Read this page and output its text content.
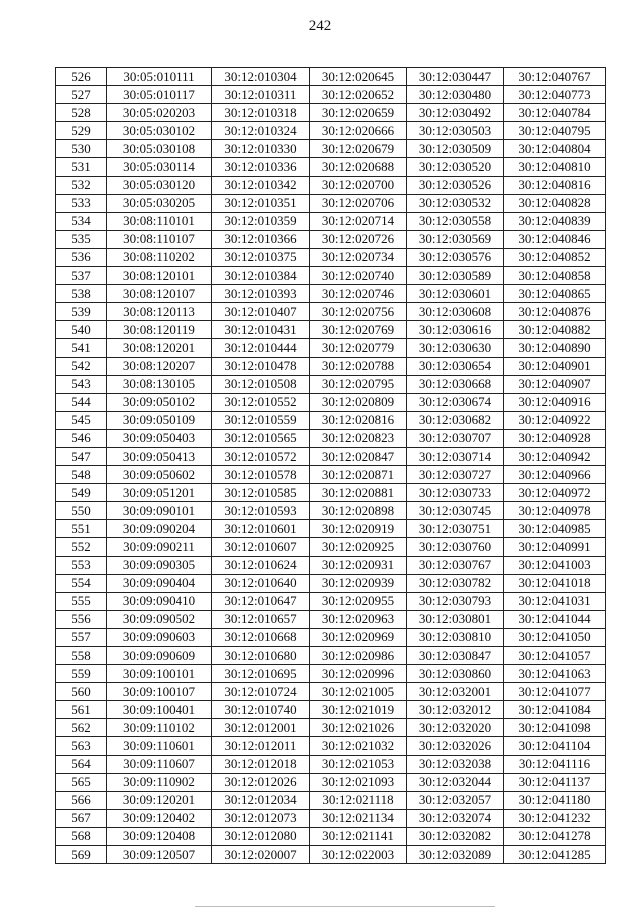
242
526	30:05:010111	30:12:010304	30:12:020645	30:12:030447	30:12:040767
527	30:05:010117	30:12:010311	30:12:020652	30:12:030480	30:12:040773
528	30:05:020203	30:12:010318	30:12:020659	30:12:030492	30:12:040784
529	30:05:030102	30:12:010324	30:12:020666	30:12:030503	30:12:040795
530	30:05:030108	30:12:010330	30:12:020679	30:12:030509	30:12:040804
531	30:05:030114	30:12:010336	30:12:020688	30:12:030520	30:12:040810
532	30:05:030120	30:12:010342	30:12:020700	30:12:030526	30:12:040816
533	30:05:030205	30:12:010351	30:12:020706	30:12:030532	30:12:040828
534	30:08:110101	30:12:010359	30:12:020714	30:12:030558	30:12:040839
535	30:08:110107	30:12:010366	30:12:020726	30:12:030569	30:12:040846
536	30:08:110202	30:12:010375	30:12:020734	30:12:030576	30:12:040852
537	30:08:120101	30:12:010384	30:12:020740	30:12:030589	30:12:040858
538	30:08:120107	30:12:010393	30:12:020746	30:12:030601	30:12:040865
539	30:08:120113	30:12:010407	30:12:020756	30:12:030608	30:12:040876
540	30:08:120119	30:12:010431	30:12:020769	30:12:030616	30:12:040882
541	30:08:120201	30:12:010444	30:12:020779	30:12:030630	30:12:040890
542	30:08:120207	30:12:010478	30:12:020788	30:12:030654	30:12:040901
543	30:08:130105	30:12:010508	30:12:020795	30:12:030668	30:12:040907
544	30:09:050102	30:12:010552	30:12:020809	30:12:030674	30:12:040916
545	30:09:050109	30:12:010559	30:12:020816	30:12:030682	30:12:040922
546	30:09:050403	30:12:010565	30:12:020823	30:12:030707	30:12:040928
547	30:09:050413	30:12:010572	30:12:020847	30:12:030714	30:12:040942
548	30:09:050602	30:12:010578	30:12:020871	30:12:030727	30:12:040966
549	30:09:051201	30:12:010585	30:12:020881	30:12:030733	30:12:040972
550	30:09:090101	30:12:010593	30:12:020898	30:12:030745	30:12:040978
551	30:09:090204	30:12:010601	30:12:020919	30:12:030751	30:12:040985
552	30:09:090211	30:12:010607	30:12:020925	30:12:030760	30:12:040991
553	30:09:090305	30:12:010624	30:12:020931	30:12:030767	30:12:041003
554	30:09:090404	30:12:010640	30:12:020939	30:12:030782	30:12:041018
555	30:09:090410	30:12:010647	30:12:020955	30:12:030793	30:12:041031
556	30:09:090502	30:12:010657	30:12:020963	30:12:030801	30:12:041044
557	30:09:090603	30:12:010668	30:12:020969	30:12:030810	30:12:041050
558	30:09:090609	30:12:010680	30:12:020986	30:12:030847	30:12:041057
559	30:09:100101	30:12:010695	30:12:020996	30:12:030860	30:12:041063
560	30:09:100107	30:12:010724	30:12:021005	30:12:032001	30:12:041077
561	30:09:100401	30:12:010740	30:12:021019	30:12:032012	30:12:041084
562	30:09:110102	30:12:012001	30:12:021026	30:12:032020	30:12:041098
563	30:09:110601	30:12:012011	30:12:021032	30:12:032026	30:12:041104
564	30:09:110607	30:12:012018	30:12:021053	30:12:032038	30:12:041116
565	30:09:110902	30:12:012026	30:12:021093	30:12:032044	30:12:041137
566	30:09:120201	30:12:012034	30:12:021118	30:12:032057	30:12:041180
567	30:09:120402	30:12:012073	30:12:021134	30:12:032074	30:12:041232
568	30:09:120408	30:12:012080	30:12:021141	30:12:032082	30:12:041278
569	30:09:120507	30:12:020007	30:12:022003	30:12:032089	30:12:041285
